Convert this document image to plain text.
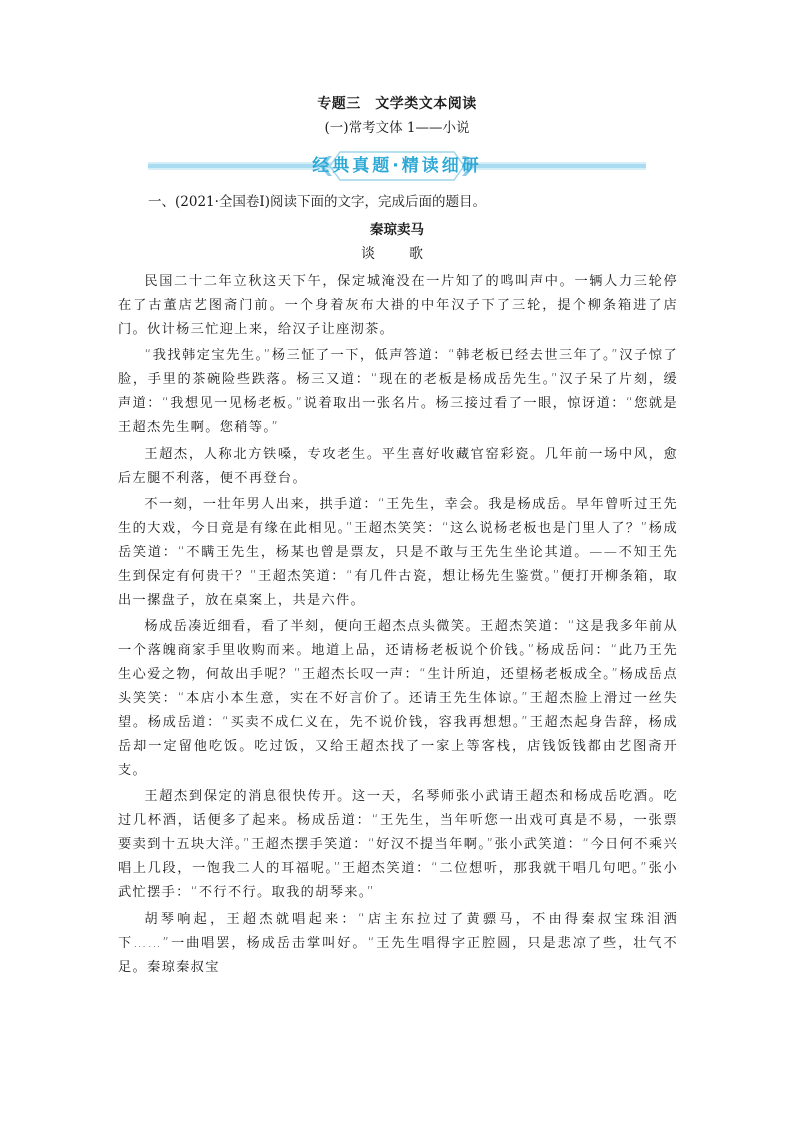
专题三　文学类文本阅读

(一)常考文体 1——小说

经典真题·精读细研

一、(2021·全国卷Ⅰ)阅读下面的文字，完成后面的题目。

秦琼卖马

谈　歌

民国二十二年立秋这天下午，保定城淹没在一片知了的鸣叫声中。一辆人力三轮停在了古董店艺图斋门前。一个身着灰布大褂的中年汉子下了三轮，提个柳条箱进了店门。伙计杨三忙迎上来，给汉子让座沏茶。

“我找韩定宝先生。”杨三怔了一下，低声答道：“韩老板已经去世三年了。”汉子惊了脸，手里的茶碗险些跌落。杨三又道：“现在的老板是杨成岳先生。”汉子呆了片刻，缓声道：“我想见一见杨老板。”说着取出一张名片。杨三接过看了一眼，惊讶道：“您就是王超杰先生啊。您稍等。”

王超杰，人称北方铁嗓，专攻老生。平生喜好收藏官窑彩瓷。几年前一场中风，愈后左腿不利落，便不再登台。

不一刻，一壮年男人出来，拱手道：“王先生，幸会。我是杨成岳。早年曾听过王先生的大戏，今日竟是有缘在此相见。”王超杰笑笑：“这么说杨老板也是门里人了？”杨成岳笑道：“不瞒王先生，杨某也曾是票友，只是不敢与王先生坐论其道。——不知王先生到保定有何贵干？”王超杰笑道：“有几件古瓷，想让杨先生鉴赏。”便打开柳条箱，取出一摞盘子，放在桌案上，共是六件。

杨成岳凑近细看，看了半刻，便向王超杰点头微笑。王超杰笑道：“这是我多年前从一个落魄商家手里收购而来。地道上品，还请杨老板说个价钱。”杨成岳问：“此乃王先生心爱之物，何故出手呢？”王超杰长叹一声：“生计所迫，还望杨老板成全。”杨成岳点头笑笑：“本店小本生意，实在不好言价了。还请王先生体谅。”王超杰脸上滑过一丝失望。杨成岳道：“买卖不成仁义在，先不说价钱，容我再想想。”王超杰起身告辞，杨成岳却一定留他吃饭。吃过饭，又给王超杰找了一家上等客栈，店钱饭钱都由艺图斋开支。

王超杰到保定的消息很快传开。这一天，名琴师张小武请王超杰和杨成岳吃酒。吃过几杯酒，话便多了起来。杨成岳道：“王先生，当年听您一出戏可真是不易，一张票要卖到十五块大洋。”王超杰摆手笑道：“好汉不提当年啊。”张小武笑道：“今日何不乘兴唱上几段，一饱我二人的耳福呢。”王超杰笑道：“二位想听，那我就干唱几句吧。”张小武忙摆手：“不行不行。取我的胡琴来。”

胡琴响起，王超杰就唱起来：“店主东拉过了黄骠马，不由得秦叔宝珠泪洒下……”一曲唱罢，杨成岳击掌叫好。“王先生唱得字正腔圆，只是悲凉了些，壮气不足。秦琼秦叔宝
